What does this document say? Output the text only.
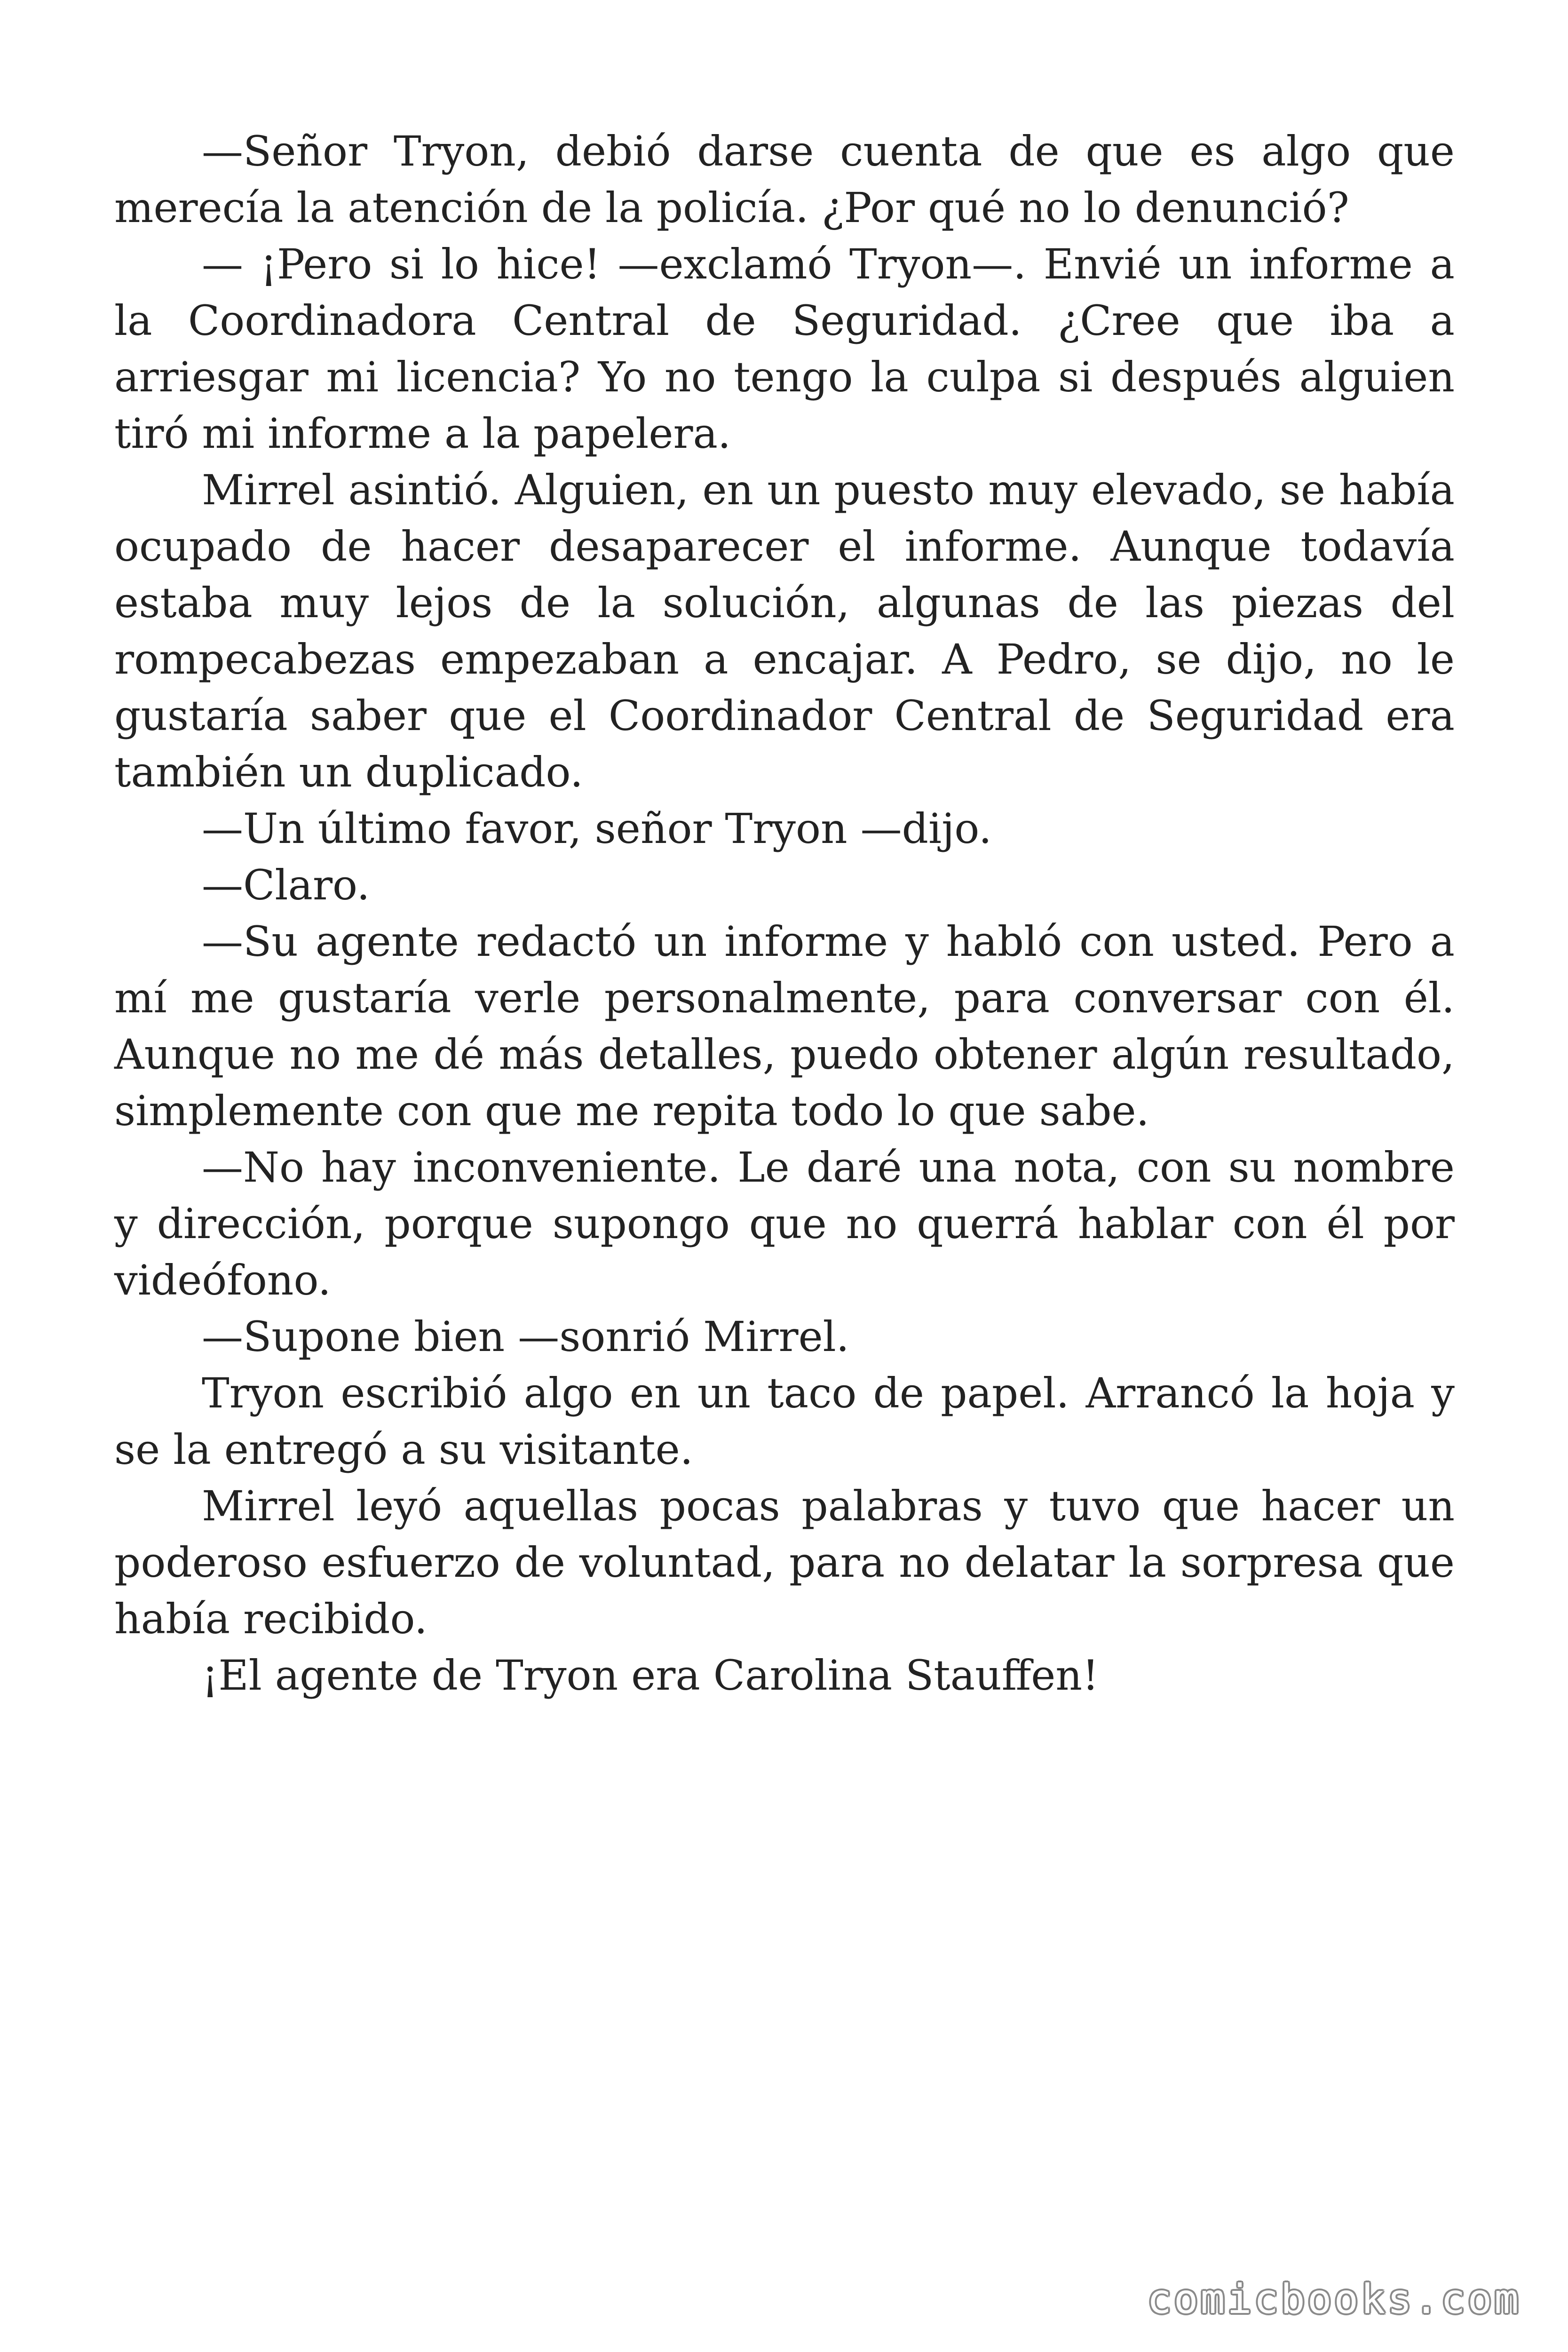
—Señor Tryon, debió darse cuenta de que es algo que merecía la atención de la policía. ¿Por qué no lo denunció?

— ¡Pero si lo hice! —exclamó Tryon—. Envié un informe a la Coordinadora Central de Seguridad. ¿Cree que iba a arriesgar mi licencia? Yo no tengo la culpa si después alguien tiró mi informe a la papelera.

Mirrel asintió. Alguien, en un puesto muy elevado, se había ocupado de hacer desaparecer el informe. Aunque todavía estaba muy lejos de la solución, algunas de las piezas del rompecabezas empezaban a encajar. A Pedro, se dijo, no le gustaría saber que el Coordinador Central de Seguridad era también un duplicado.

—Un último favor, señor Tryon —dijo.

—Claro.

—Su agente redactó un informe y habló con usted. Pero a mí me gustaría verle personalmente, para conversar con él. Aunque no me dé más detalles, puedo obtener algún resultado, simplemente con que me repita todo lo que sabe.

—No hay inconveniente. Le daré una nota, con su nombre y dirección, porque supongo que no querrá hablar con él por videófono.

—Supone bien —sonrió Mirrel.

Tryon escribió algo en un taco de papel. Arrancó la hoja y se la entregó a su visitante.

Mirrel leyó aquellas pocas palabras y tuvo que hacer un poderoso esfuerzo de voluntad, para no delatar la sorpresa que había recibido.

¡El agente de Tryon era Carolina Stauffen!

comicbooks.com
